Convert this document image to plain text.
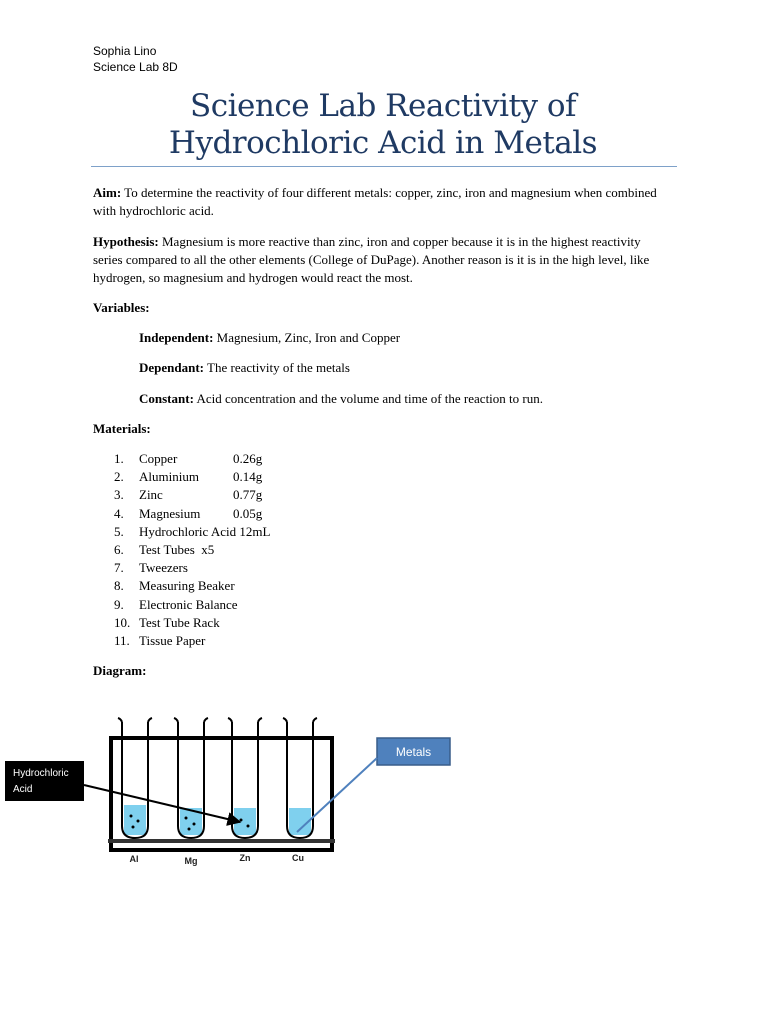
Sophia Lino
Science Lab 8D
Science Lab Reactivity of Hydrochloric Acid in Metals
Aim: To determine the reactivity of four different metals: copper, zinc, iron and magnesium when combined with hydrochloric acid.
Hypothesis: Magnesium is more reactive than zinc, iron and copper because it is in the highest reactivity series compared to all the other elements (College of DuPage). Another reason is it is in the high level, like hydrogen, so magnesium and hydrogen would react the most.
Variables:
Independent: Magnesium, Zinc, Iron and Copper
Dependant: The reactivity of the metals
Constant: Acid concentration and the volume and time of the reaction to run.
Materials:
1.	Copper	0.26g
2.	Aluminium	0.14g
3.	Zinc	0.77g
4.	Magnesium	0.05g
5.	Hydrochloric Acid 12mL
6.	Test Tubes  x5
7.	Tweezers
8.	Measuring Beaker
9.	Electronic Balance
10. Test Tube Rack
11. Tissue Paper
Diagram:
Al	Mg	Zn	Cu
Hydrochloric
Acid
Metals
